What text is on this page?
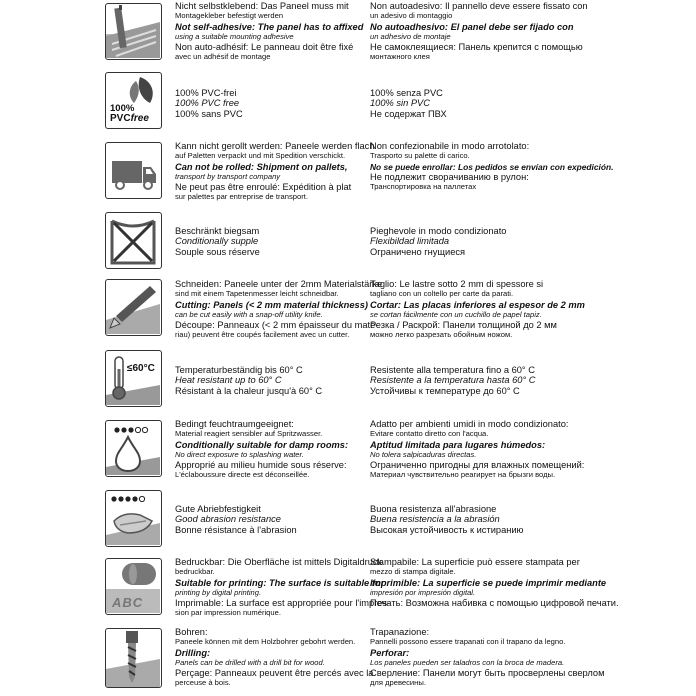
Nicht selbstklebend: Das Paneel muss mit
Montagekleber befestigt werden
Not self-adhesive: The panel has to affixed
using a suitable mounting adhesive
Non auto-adhésif: Le panneau doit être fixé
avec un adhésif de montage
Non autoadesivo: Il pannello deve essere fissato con
un adesivo di montaggio
No autoadhesivo: El panel debe ser fijado con
un adhesivo de montaje
Не самоклеящиеся: Панель крепится с помощью
монтажного клея
100%
PVCfree
100% PVC-frei
100% PVC free
100% sans PVC
100% senza PVC
100% sin PVC
Не содержат ПВХ
Kann nicht gerollt werden: Paneele werden flach
auf Paletten verpackt und mit Spedition verschickt.
Can not be rolled: Shipment on pallets,
transport by transport company
Ne peut pas être enroulé: Expédition à plat
sur palettes par entreprise de transport.
Non confezionabile in modo arrotolato:
Trasporto su palette di carico.
No se puede enrollar: Los pedidos se envían con expedición.
Не подлежит сворачиванию в рулон:
Транспортировка на паллетах
Beschränkt biegsam
Conditionally supple
Souple sous réserve
Pieghevole in modo condizionato
Flexibildad limitada
Ограничено гнущиеся
Schneiden: Paneele unter der 2mm Materialstärke
sind mit einem Tapetenmesser leicht schneidbar.
Cutting: Panels (< 2 mm material thickness)
can be cut easily with a snap-off utility knife.
Découpe: Panneaux (< 2 mm épaisseur du maté-
riau) peuvent être coupés facilement avec un cutter.
Taglio: Le lastre sotto 2 mm di spessore si
tagliano con un coltello per carte da parati.
Cortar: Las placas inferiores al espesor de 2 mm
se cortan fácilmente con un cuchillo de papel tapiz.
Резка / Раскрой: Панели толщиной до 2 мм
можно легко разрезать обойным ножом.
≤60°C Temperaturbeständig bis 60° C
Heat resistant up to 60° C
Résistant à la chaleur jusqu'à 60° C
Resistente alla temperatura fino a 60° C
Resistente a la temperatura hasta 60° C
Устойчивы к температуре до 60° C
Bedingt feuchtraumgeeignet:
Material reagiert sensibler auf Spritzwasser.
Conditionally suitable for damp rooms:
No direct exposure to splashing water.
Approprié au milieu humide sous réserve:
L'éclaboussure directe est déconseillée.
Adatto per ambienti umidi in modo condizionato:
Evitare contatto diretto con l'acqua.
Aptitud limitada para lugares húmedos:
No tolera salpicaduras directas.
Ограниченно пригодны для влажных помещений:
Материал чувствительно реагирует на брызги воды.
Gute Abriebfestigkeit
Good abrasion resistance
Bonne résistance à l'abrasion
Buona resistenza all'abrasione
Buena resistencia a la abrasión
Высокая устойчивость к истиранию
ABC
Bedruckbar: Die Oberfläche ist mittels Digitaldruck
bedruckbar.
Suitable for printing: The surface is suitable for
printing by digital printing.
Imprimable: La surface est appropriée pour l'impres-
sion par impression numérique.
Stampabile: La superficie può essere stampata per
mezzo di stampa digitale.
Imprimible: La superficie se puede imprimir mediante
impresión por impresión digital.
Печать: Возможна набивка с помощью цифровой печати.
Bohren:
Paneele können mit dem Holzbohrer gebohrt werden.
Drilling:
Panels can be drilled with a drill bit for wood.
Perçage: Panneaux peuvent être percés avec la
perceuse à bois.
Trapanazione:
Pannelli possono essere trapanati con il trapano da legno.
Perforar:
Los paneles pueden ser taladros con la broca de madera.
Сверление: Панели могут быть просверлены сверлом
для древесины.
